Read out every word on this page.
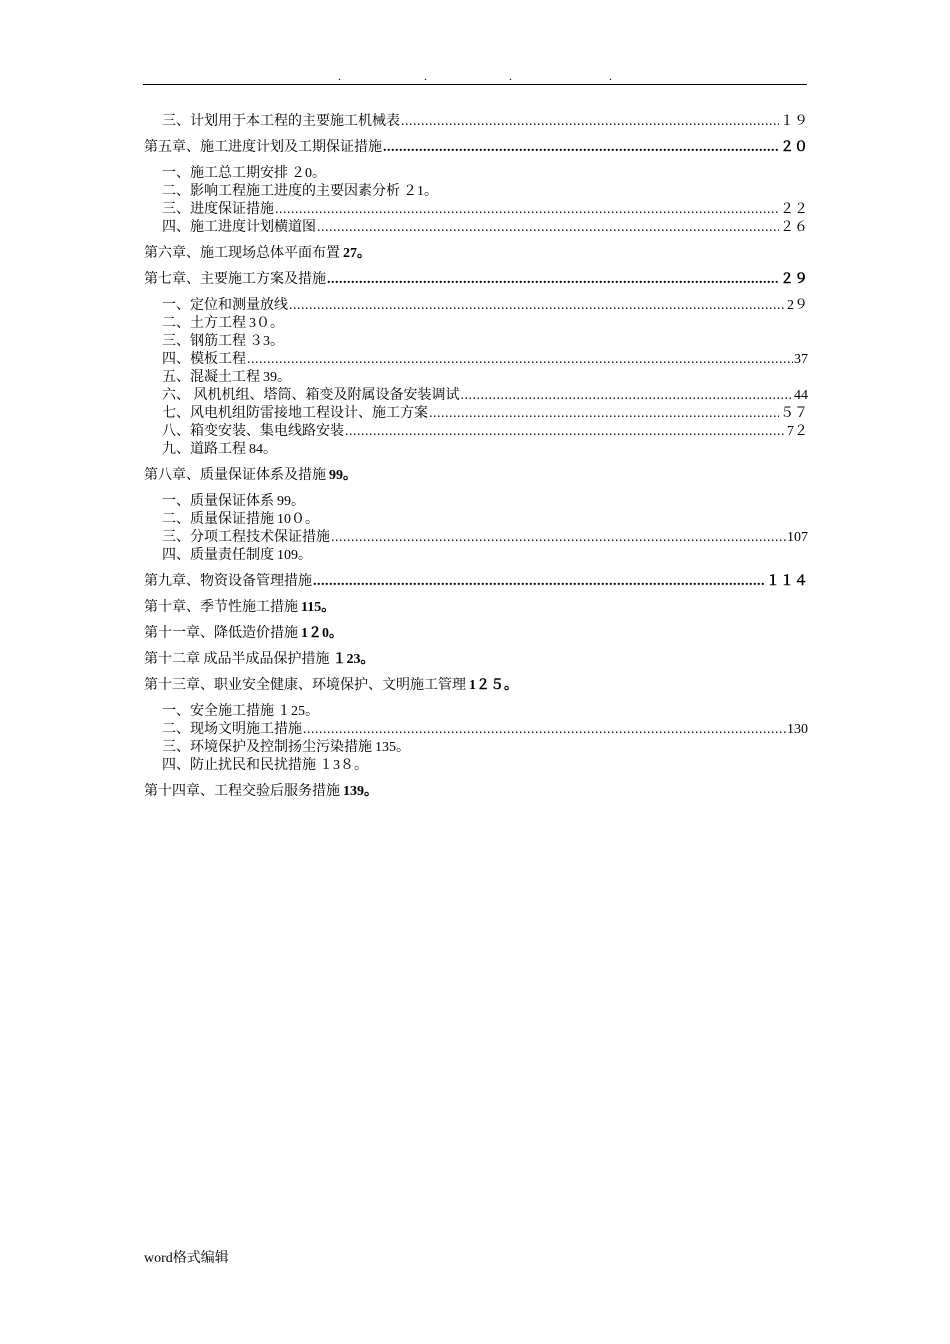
.	.	.	.
三、计划用于本工程的主要施工机械表 .....	１９
第五章、施工进度计划及工期保证措施 .....	２０
一、施工总工期安排 ２0。
二、影响工程施工进度的主要因素分析 ２1。
三、进度保证措施 .....	２２
四、施工进度计划横道图 .....	２６
第六章、施工现场总体平面布置 27。
第七章、主要施工方案及措施 .....	２９
一、定位和测量放线 .....	2９
二、土方工程 3０。
三、钢筋工程 ３3。
四、模板工程 .....	37
五、混凝土工程 39。
六、 风机机组、塔筒、箱变及附属设备安装调试 .....	44
七、风电机组防雷接地工程设计、施工方案 .....	５７
八、箱变安装、集电线路安装 .....	7２
九、道路工程 84。
第八章、质量保证体系及措施 99。
一、质量保证体系 99。
二、质量保证措施 10０。
三、分项工程技术保证措施 .....	107
四、质量责任制度 109。
第九章、物资设备管理措施 .....	１１４
第十章、季节性施工措施 115。
第十一章、降低造价措施 1２0。
第十二章 成品半成品保护措施 １23。
第十三章、职业安全健康、环境保护、文明施工管理 1２５。
一、安全施工措施 １25。
二、现场文明施工措施 .....	130
三、环境保护及控制扬尘污染措施 135。
四、防止扰民和民扰措施 １3８。
第十四章、工程交验后服务措施 139。
word格式编辑
